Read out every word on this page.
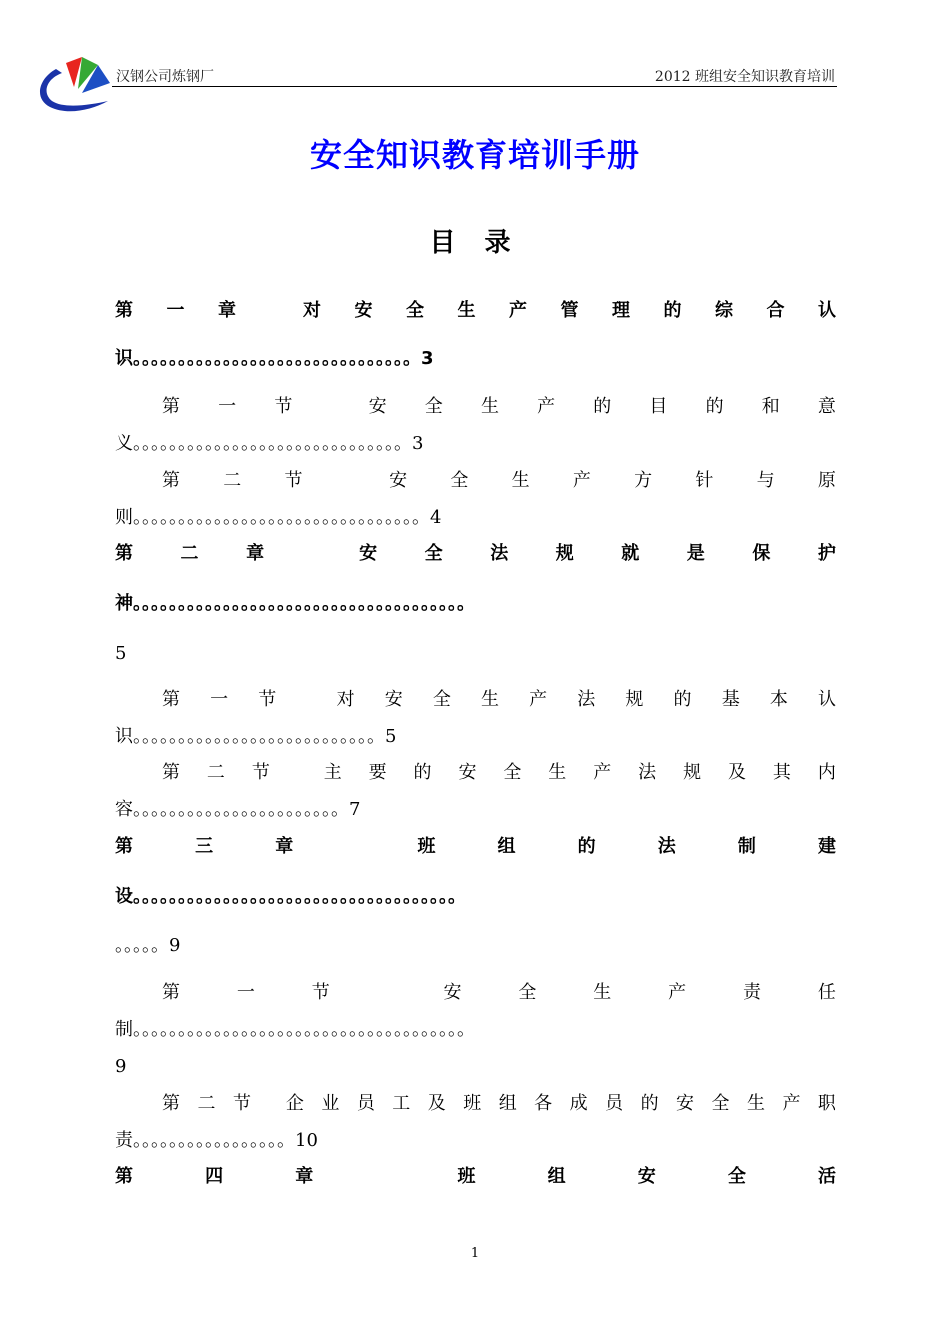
汉钢公司炼钢厂	2012 班组安全知识教育培训
安全知识教育培训手册
目 录
第 一 章	对 安 全 生 产 管 理 的 综 合 认
识。。。。。。。。。。。。。。。。。。。。。。。。。。。。。。。3
第 一 节	安 全 生 产 的 目 的 和 意
义。。。。。。。。。。。。。。。。。。。。。。。。。。。。。。3
第 二 节	安 全 生 产 方 针 与 原
则。。。。。。。。。。。。。。。。。。。。。。。。。。。。。。。。4
第	二	章	安	全	法	规	就	是	保	护
神。。。。。。。。。。。。。。。。。。。。。。。。。。。。。。。。。。。。。
5
第 一 节	对 安 全 生 产 法 规 的 基 本 认
识。。。。。。。。。。。。。。。。。。。。。。。。。。。5
第 二 节	主 要 的 安 全 生 产 法 规 及 其 内
容。。。。。。。。。。。。。。。。。。。。。。。7
第	三	章	班	组	的	法	制	建
设。。。。。。。。。。。。。。。。。。。。。。。。。。。。。。。。。。。。
。。。。。9
第	一	节	安	全	生	产	责	任
制。。。。。。。。。。。。。。。。。。。。。。。。。。。。。。。。。。。。。
9
第 二 节 企 业 员 工 及 班 组 各 成 员 的 安 全 生 产 职
责。。。。。。。。。。。。。。。。。10
第	四	章	班	组	安	全	活
1
